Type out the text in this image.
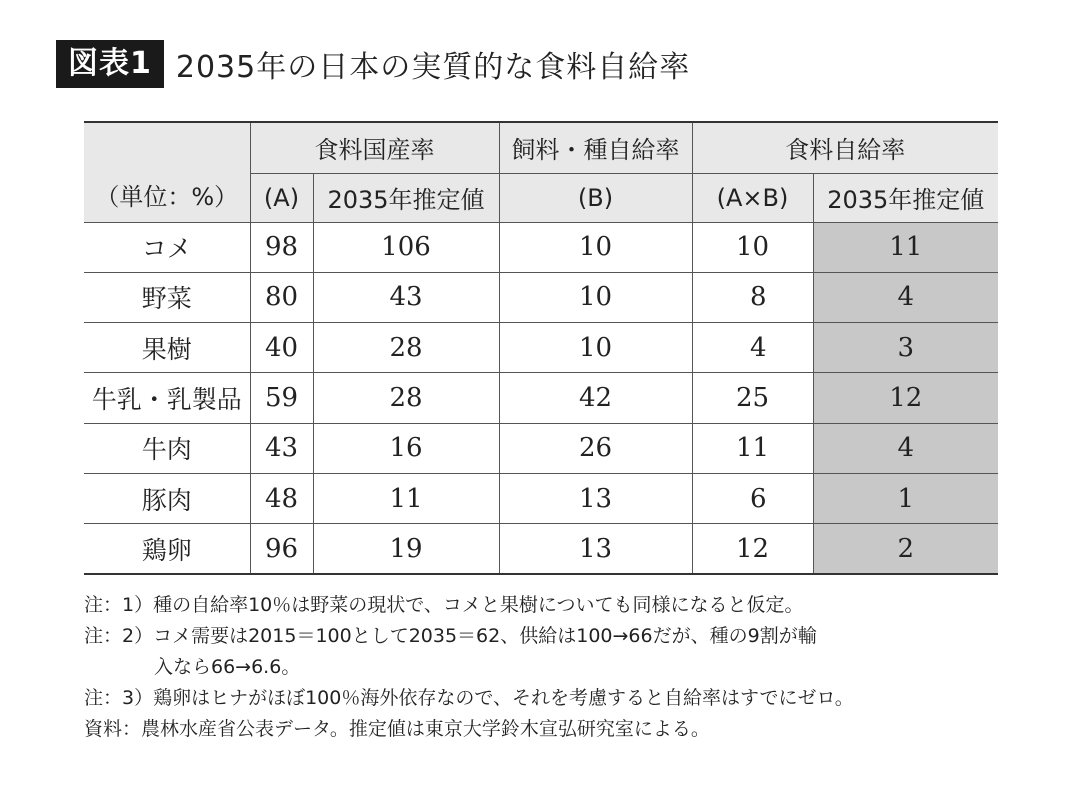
図表1 2035年の日本の実質的な食料自給率
（単位：%）	食料国産率		飼料・種自給率	食料自給率	
	(A)	2035年推定値	(B)	(A×B)	2035年推定値
コメ	98	106	10	10	11
野菜	80	43	10	8	4
果樹	40	28	10	4	3
牛乳・乳製品	59	28	42	25	12
牛肉	43	16	26	11	4
豚肉	48	11	13	6	1
鶏卵	96	19	13	12	2
注：1）種の自給率10％は野菜の現状で、コメと果樹についても同様になると仮定。
注：2）コメ需要は2015＝100として2035＝62、供給は100→66だが、種の9割が輸
入なら66→6.6。
注：3）鶏卵はヒナがほぼ100％海外依存なので、それを考慮すると自給率はすでにゼロ。
資料：農林水産省公表データ。推定値は東京大学鈴木宣弘研究室による。
